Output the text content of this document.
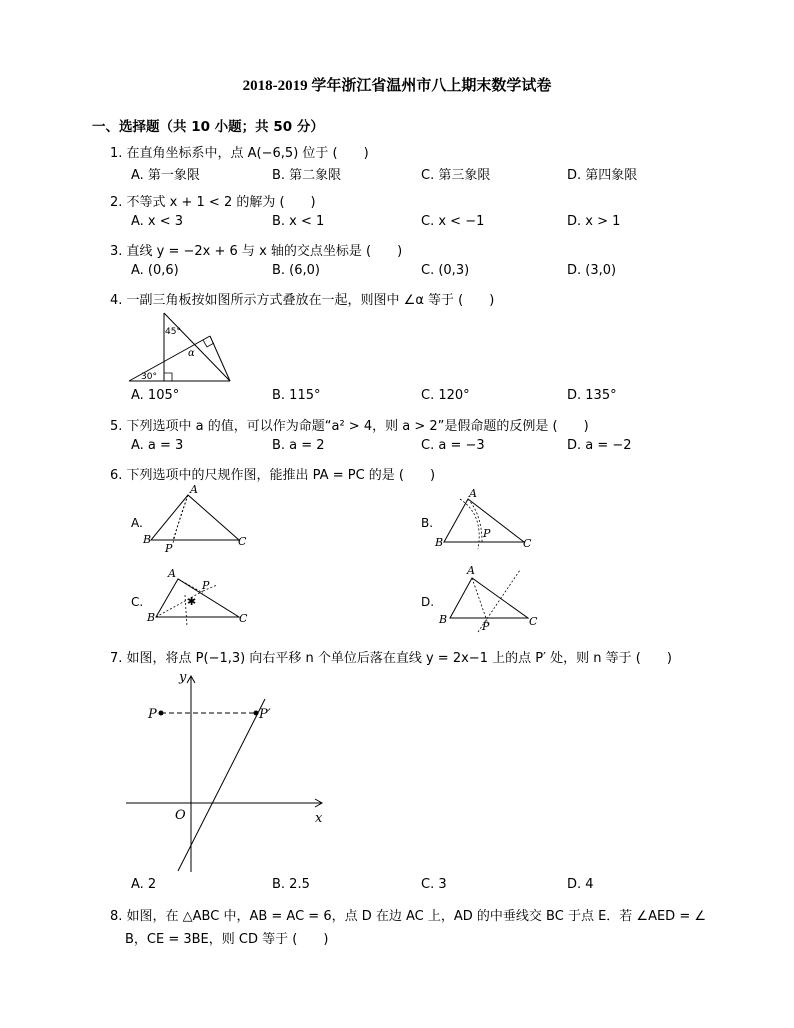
2018-2019 学年浙江省温州市八上期末数学试卷
一、选择题（共 10 小题；共 50 分）
1. 在直角坐标系中，点 A(−6,5) 位于 (　　)
A. 第一象限	B. 第二象限	C. 第三象限	D. 第四象限
2. 不等式 x + 1 < 2 的解为 (　　)
A. x < 3	B. x < 1	C. x < −1	D. x > 1
3. 直线 y = −2x + 6 与 x 轴的交点坐标是 (　　)
A. (0,6)	B. (6,0)	C. (0,3)	D. (3,0)
4. 一副三角板按如图所示方式叠放在一起，则图中 ∠α 等于 (　　)
45°
α
30°
A. 105°	B. 115°	C. 120°	D. 135°
5. 下列选项中 a 的值，可以作为命题“a² > 4，则 a > 2”是假命题的反例是 (　　)
A. a = 3	B. a = 2	C. a = −3	D. a = −2
6. 下列选项中的尺规作图，能推出 PA = PC 的是 (　　)
A.
A
B	C
P
B.
A
B	C
P
C.	✱
A
B	C
P
D.
A
B	C
P
7. 如图，将点 P(−1,3) 向右平移 n 个单位后落在直线 y = 2x−1 上的点 P′ 处，则 n 等于 (　　)
y
x
O
P	P′
A. 2	B. 2.5	C. 3	D. 4
8. 如图，在 △ABC 中，AB = AC = 6，点 D 在边 AC 上，AD 的中垂线交 BC 于点 E．若 ∠AED = ∠
B，CE = 3BE，则 CD 等于 (　　)
